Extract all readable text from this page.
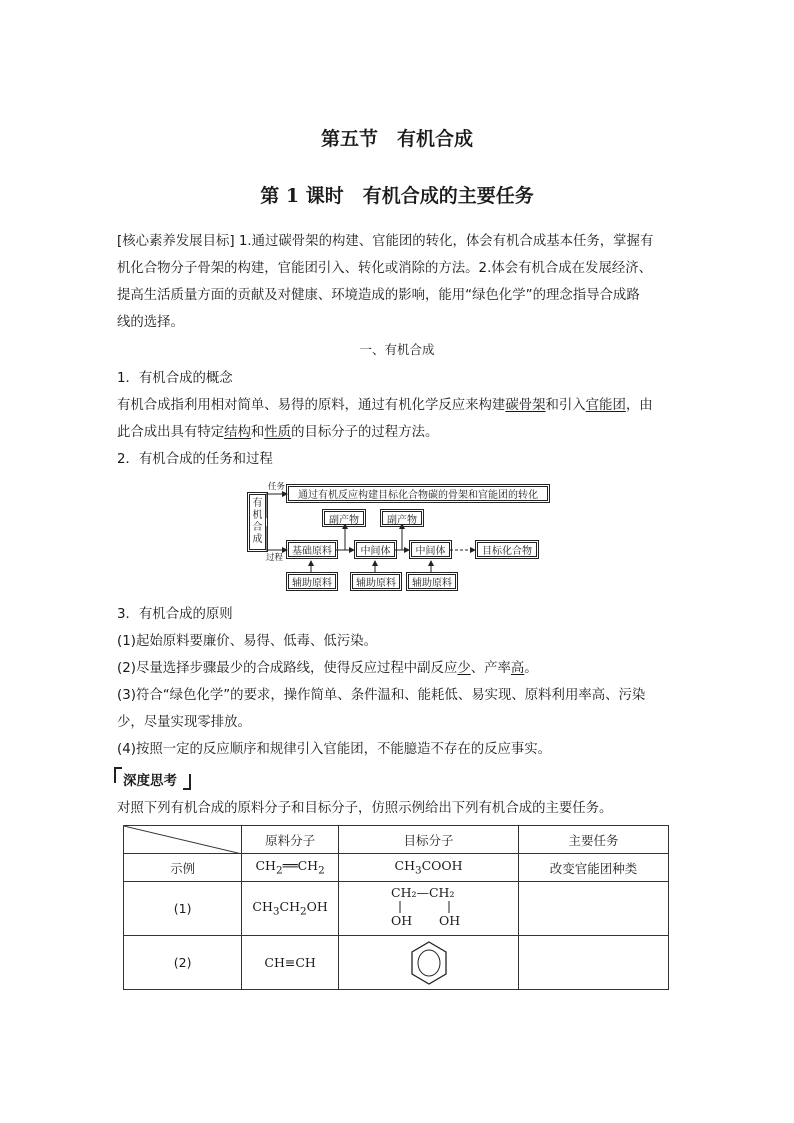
第五节　有机合成
第 1 课时　有机合成的主要任务
[核心素养发展目标] 1.通过碳骨架的构建、官能团的转化，体会有机合成基本任务，掌握有
机化合物分子骨架的构建，官能团引入、转化或消除的方法。2.体会有机合成在发展经济、
提高生活质量方面的贡献及对健康、环境造成的影响，能用“绿色化学”的理念指导合成路
线的选择。
一、有机合成
1．有机合成的概念
有机合成指利用相对简单、易得的原料，通过有机化学反应来构建碳骨架和引入官能团，由
此合成出具有特定结构和性质的目标分子的过程方法。
2．有机合成的任务和过程
有
机
合
成
任务
过程
通过有机反应构建目标化合物碳的骨架和官能团的转化
副产物	副产物
基础原料	中间体	中间体	目标化合物
辅助原料	辅助原料	辅助原料
3．有机合成的原则
(1)起始原料要廉价、易得、低毒、低污染。
(2)尽量选择步骤最少的合成路线，使得反应过程中副反应少、产率高。
(3)符合“绿色化学”的要求，操作简单、条件温和、能耗低、易实现、原料利用率高、污染
少，尽量实现零排放。
(4)按照一定的反应顺序和规律引入官能团，不能臆造不存在的反应事实。
深度思考
对照下列有机合成的原料分子和目标分子，仿照示例给出下列有机合成的主要任务。
	原料分子	目标分子	主要任务
示例	$CH_2══CH_2$	$CH_3COOH$	改变官能团种类
(1)	$CH_3CH_2OH$	CH₂—CH₂
OH OH	

(2)	CH≡CH	
